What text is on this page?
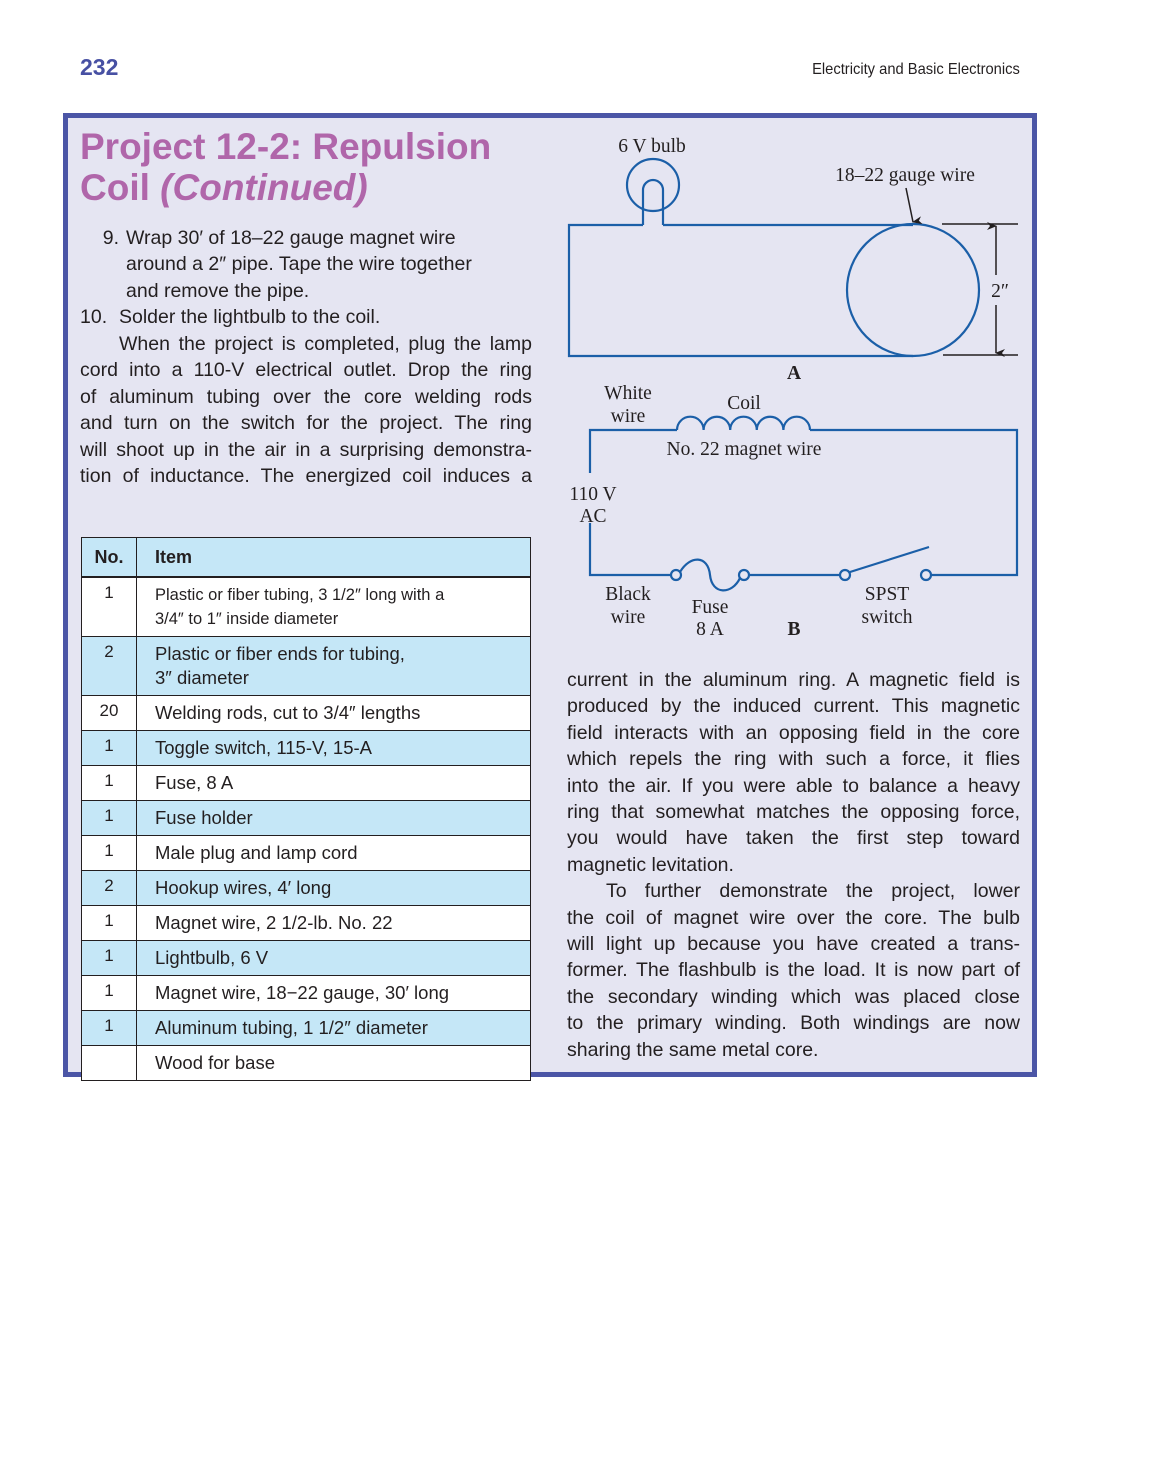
232	Electricity and Basic Electronics
Project 12-2: Repulsion Coil (Continued)
9. Wrap 30′ of 18–22 gauge magnet wire
around a 2″ pipe. Tape the wire together
and remove the pipe.
10. Solder the lightbulb to the coil.
When the project is completed, plug the lamp
cord into a 110-V electrical outlet. Drop the ring
of aluminum tubing over the core welding rods
and turn on the switch for the project. The ring
will shoot up in the air in a surprising demonstra-
tion of inductance. The energized coil induces a
No.	Item
1	Plastic or fiber tubing, 3 1/2″ long with a
3/4″ to 1″ inside diameter
2	Plastic or fiber ends for tubing,
3″ diameter
20	Welding rods, cut to 3/4″ lengths
1	Toggle switch, 115-V, 15-A
1	Fuse, 8 A
1	Fuse holder
1	Male plug and lamp cord
2	Hookup wires, 4′ long
1	Magnet wire, 2 1/2-lb. No. 22
1	Lightbulb, 6 V
1	Magnet wire, 18−22 gauge, 30′ long
1	Aluminum tubing, 1 1/2″ diameter
	Wood for base
current in the aluminum ring. A magnetic field is
produced by the induced current. This magnetic
field interacts with an opposing field in the core
which repels the ring with such a force, it flies
into the air. If you were able to balance a heavy
ring that somewhat matches the opposing force,
you would have taken the first step toward
magnetic levitation.
To further demonstrate the project, lower
the coil of magnet wire over the core. The bulb
will light up because you have created a trans-
former. The flashbulb is the load. It is now part of
the secondary winding which was placed close
to the primary winding. Both windings are now
sharing the same metal core.
6 V bulb
18–22 gauge wire
2″
A
White
wire
Coil
No. 22 magnet wire
110 V
AC
Black
wire Fuse
8 A	B
SPST
switch
